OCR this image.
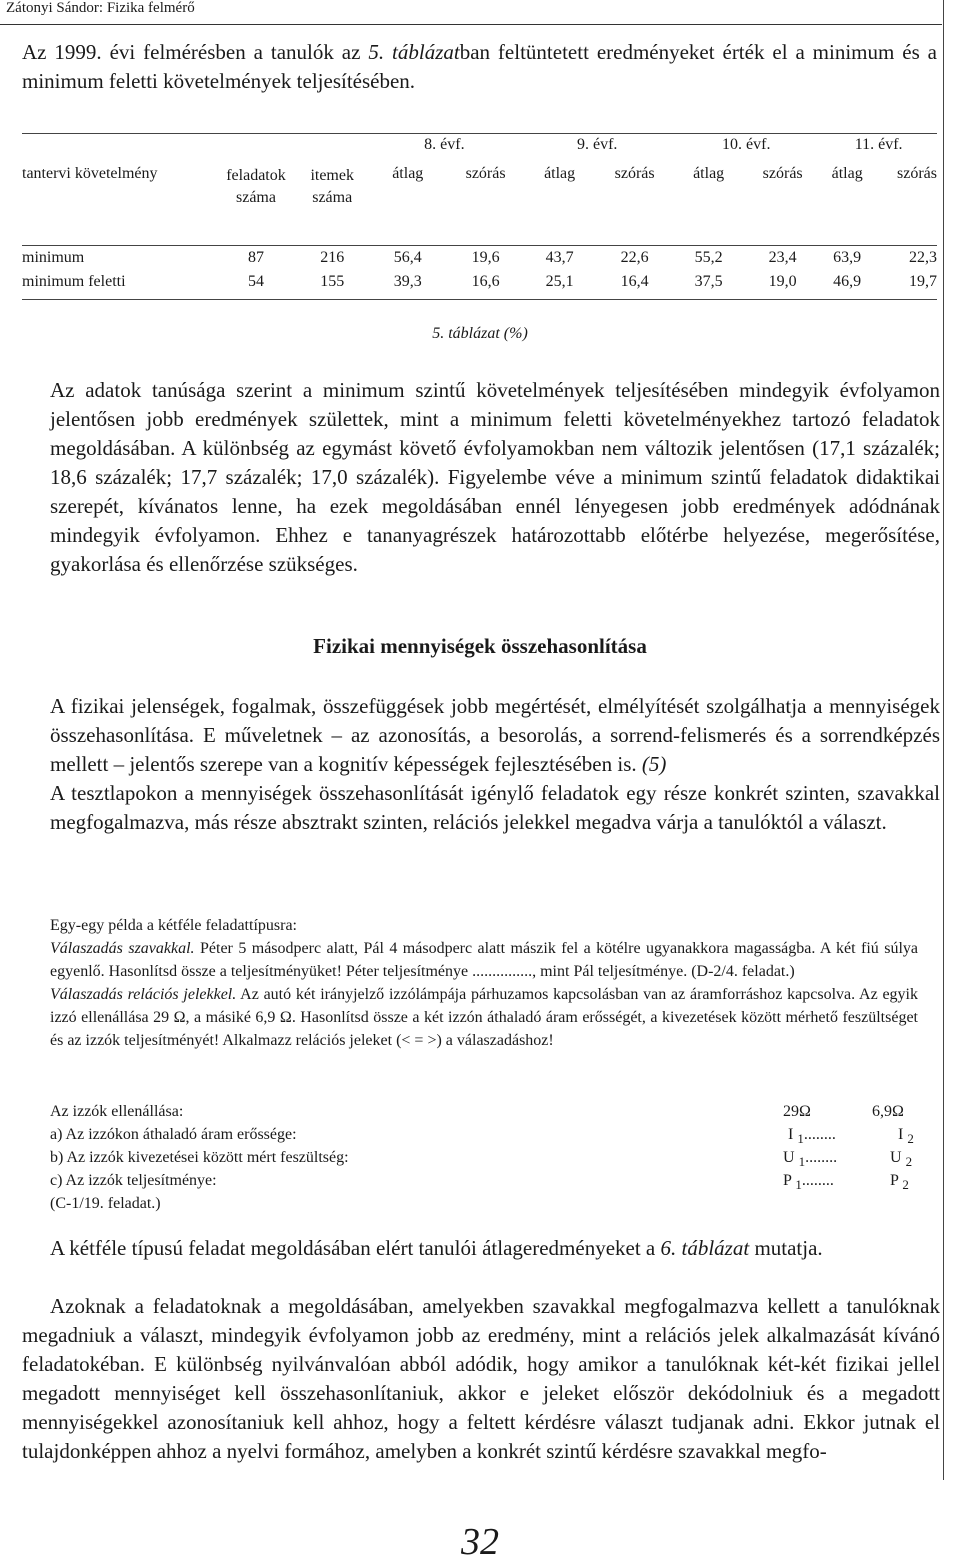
Zátonyi Sándor: Fizika felmérő
Az 1999. évi felmérésben a tanulók az 5. táblázatban feltüntetett eredményeket érték el a minimum és a minimum feletti követelmények teljesítésében.

			8. évf.		9. évf.		10. évf.		11. évf.	
tantervi követelmény	feladatok száma	itemek száma	átlag	szórás	átlag	szórás	átlag	szórás	átlag	szórás

minimum	87	216	56,4	19,6	43,7	22,6	55,2	23,4	63,9	22,3
minimum feletti	54	155	39,3	16,6	25,1	16,4	37,5	19,0	46,9	19,7

5. táblázat (%)
Az adatok tanúsága szerint a minimum szintű követelmények teljesítésében mindegyik évfolyamon jelentősen jobb eredmények születtek, mint a minimum feletti követelményekhez tartozó feladatok megoldásában. A különbség az egymást követő évfolyamokban nem változik jelentősen (17,1 százalék; 18,6 százalék; 17,7 százalék; 17,0 százalék). Figyelembe véve a minimum szintű feladatok didaktikai szerepét, kívánatos lenne, ha ezek megoldásában ennél lényegesen jobb eredmények adódnának mindegyik évfolyamon. Ehhez e tananyagrészek határozottabb előtérbe helyezése, megerősítése, gyakorlása és ellenőrzése szükséges.
Fizikai mennyiségek összehasonlítása
A fizikai jelenségek, fogalmak, összefüggések jobb megértését, elmélyítését szolgálhatja a mennyiségek összehasonlítása. E műveletnek – az azonosítás, a besorolás, a sorrend-felismerés és a sorrendképzés mellett – jelentős szerepe van a kognitív képességek fejlesztésében is. (5)
A tesztlapokon a mennyiségek összehasonlítását igénylő feladatok egy része konkrét szinten, szavakkal megfogalmazva, más része absztrakt szinten, relációs jelekkel megadva várja a tanulóktól a választ.
Egy-egy példa a kétféle feladattípusra:
Válaszadás szavakkal. Péter 5 másodperc alatt, Pál 4 másodperc alatt mászik fel a kötélre ugyanakkora magasságba. A két fiú súlya egyenlő. Hasonlítsd össze a teljesítményüket! Péter teljesítménye ..............., mint Pál teljesítménye. (D-2/4. feladat.)
Válaszadás relációs jelekkel. Az autó két irányjelző izzólámpája párhuzamos kapcsolásban van az áramforráshoz kapcsolva. Az egyik izzó ellenállása 29 Ω, a másiké 6,9 Ω. Hasonlítsd össze a két izzón áthaladó áram erősségét, a kivezetések között mérhető feszültséget és az izzók teljesítményét! Alkalmazz relációs jeleket (< = >) a válaszadáshoz!
Az izzók ellenállása:	29Ω	6,9Ω
a) Az izzókon áthaladó áram erőssége:	I $_1$........	I $_2$
b) Az izzók kivezetései között mért feszültség:	U $_1$........	U $_2$
c) Az izzók teljesítménye:	P $_1$........	P $_2$
(C-1/19. feladat.)
A kétféle típusú feladat megoldásában elért tanulói átlageredményeket a 6. táblázat mutatja.
Azoknak a feladatoknak a megoldásában, amelyekben szavakkal megfogalmazva kellett a tanulóknak megadniuk a választ, mindegyik évfolyamon jobb az eredmény, mint a relációs jelek alkalmazását kívánó feladatokéban. E különbség nyilvánvalóan abból adódik, hogy amikor a tanulóknak két-két fizikai jellel megadott mennyiséget kell összehasonlítaniuk, akkor e jeleket először dekódolniuk és a megadott mennyiségekkel azonosítaniuk kell ahhoz, hogy a feltett kérdésre választ tudjanak adni. Ekkor jutnak el tulajdonképpen ahhoz a nyelvi formához, amelyben a konkrét szintű kérdésre szavakkal megfo-
32
